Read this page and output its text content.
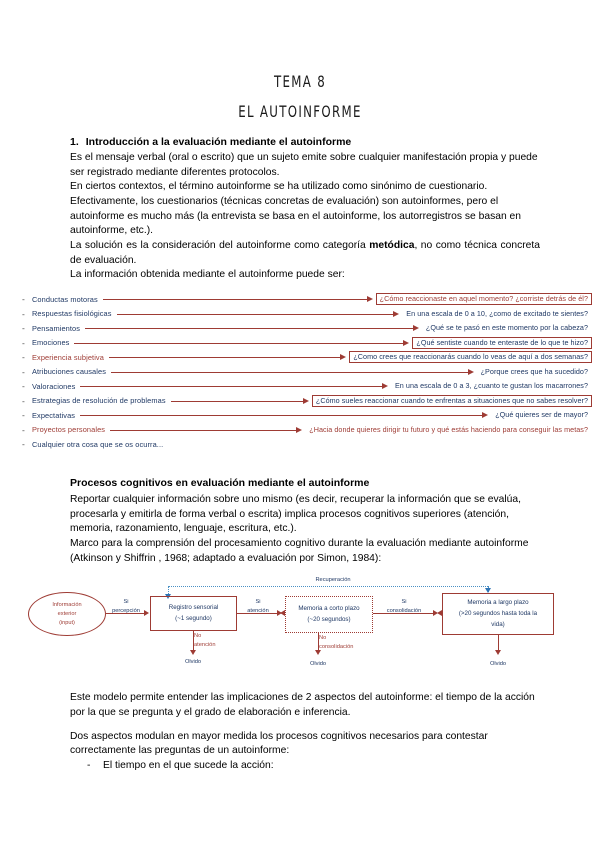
TEMA 8
EL AUTOINFORME
1. Introducción a la evaluación mediante el autoinforme

Es el mensaje verbal (oral o escrito) que un sujeto emite sobre cualquier manifestación propia y puede ser registrado mediante diferentes protocolos.

En ciertos contextos, el término autoinforme se ha utilizado como sinónimo de cuestionario. Efectivamente, los cuestionarios (técnicas concretas de evaluación) son autoinformes, pero el autoinforme es mucho más (la entrevista se basa en el autoinforme, los autorregistros se basan en autoinforme, etc.).

La solución es la consideración del autoinforme como categoría metódica, no como técnica concreta de evaluación.

La información obtenida mediante el autoinforme puede ser:

- Conductas motoras	¿Cómo reaccionaste en aquel momento? ¿corriste detrás de él?
- Respuestas fisiológicas	En una escala de 0 a 10, ¿como de excitado te sientes?
- Pensamientos	¿Qué se te pasó en este momento por la cabeza?
- Emociones	¿Qué sentiste cuando te enteraste de lo que te hizo?
- Experiencia subjetiva	¿Como crees que reaccionarás cuando lo veas de aquí a dos semanas?
- Atribuciones causales	¿Porque crees que ha sucedido?
- Valoraciones	En una escala de 0 a 3, ¿cuanto te gustan los macarrones?
- Estrategias de resolución de problemas	¿Cómo sueles reaccionar cuando te enfrentas a situaciones que no sabes resolver?
- Expectativas	¿Qué quieres ser de mayor?
- Proyectos personales	¿Hacia donde quieres dirigir tu futuro y qué estás haciendo para conseguir las metas?
- Cualquier otra cosa que se os ocurra...
Procesos cognitivos en evaluación mediante el autoinforme

Reportar cualquier información sobre uno mismo (es decir, recuperar la información que se evalúa, procesarla y emitirla de forma verbal o escrita) implica procesos cognitivos superiores (atención, memoria, razonamiento, lenguaje, escritura, etc.).

Marco para la comprensión del procesamiento cognitivo durante la evaluación mediante autoinforme (Atkinson y Shiffrin , 1968; adaptado a evaluación por Simon, 1984):

Recuperación
Información
exterior
(input)
Si
percepción	Registro sensorial
(~1 segundo)
Si
atención
No
atención
Olvido
Memoria a corto plazo
(~20 segundos)
Si
consolidación
No
consolidación
Olvido
Memoria a largo plazo
(>20 segundos hasta toda la
vida)
Olvido

Este modelo permite entender las implicaciones de 2 aspectos del autoinforme: el tiempo de la acción por la que se pregunta y el grado de elaboración e inferencia.

Dos aspectos modulan en mayor medida los procesos cognitivos necesarios para contestar correctamente las preguntas de un autoinforme:

- El tiempo en el que sucede la acción:
